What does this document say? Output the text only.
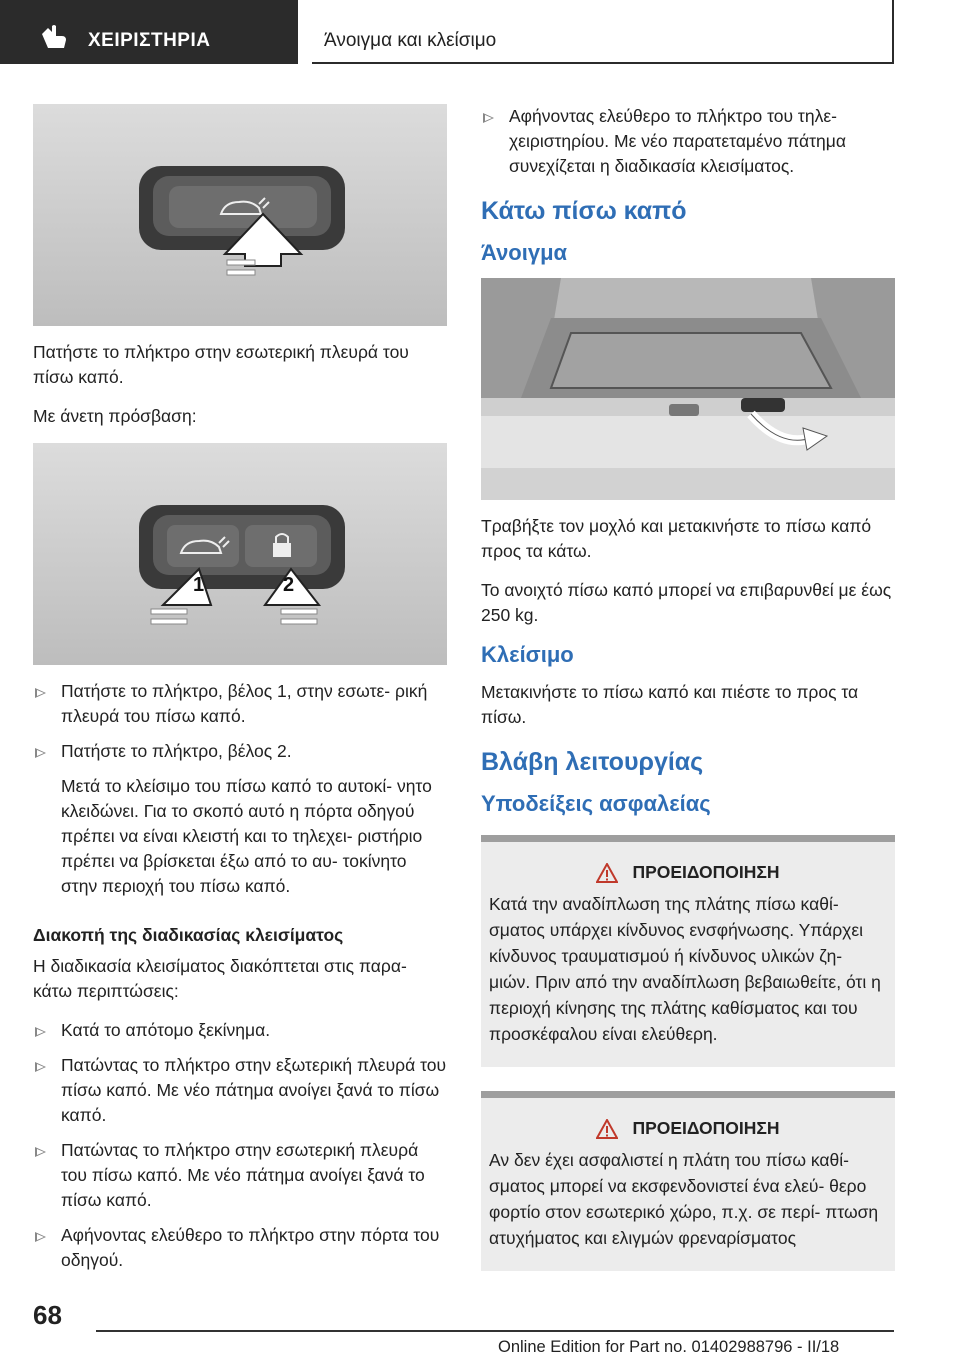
ΧΕΙΡΙΣΤΗΡΙΑ	Άνοιγμα και κλείσιμο

Πατήστε το πλήκτρο στην εσωτερική πλευρά του πίσω καπό.

Με άνετη πρόσβαση:

1	2
Πατήστε το πλήκτρο, βέλος 1, στην εσωτε- ρική πλευρά του πίσω καπό.
Πατήστε το πλήκτρο, βέλος 2.
Μετά το κλείσιμο του πίσω καπό το αυτοκί- νητο κλειδώνει. Για το σκοπό αυτό η πόρτα οδηγού πρέπει να είναι κλειστή και το τηλεχει- ριστήριο πρέπει να βρίσκεται έξω από το αυ- τοκίνητο στην περιοχή του πίσω καπό.
Διακοπή της διαδικασίας κλεισίματος

Η διαδικασία κλεισίματος διακόπτεται στις παρα- κάτω περιπτώσεις:

Κατά το απότομο ξεκίνημα.
Πατώντας το πλήκτρο στην εξωτερική πλευρά του πίσω καπό. Με νέο πάτημα ανοίγει ξανά το πίσω καπό.
Πατώντας το πλήκτρο στην εσωτερική πλευρά του πίσω καπό. Με νέο πάτημα ανοίγει ξανά το πίσω καπό.
Αφήνοντας ελεύθερο το πλήκτρο στην πόρτα του οδηγού.
Αφήνοντας ελεύθερο το πλήκτρο του τηλε- χειριστηρίου. Με νέο παρατεταμένο πάτημα συνεχίζεται η διαδικασία κλεισίματος.
Κάτω πίσω καπό
Άνοιγμα

Τραβήξτε τον μοχλό και μετακινήστε το πίσω καπό προς τα κάτω.

Το ανοιχτό πίσω καπό μπορεί να επιβαρυνθεί με έως 250 kg.

Κλείσιμο

Μετακινήστε το πίσω καπό και πιέστε το προς τα πίσω.

Βλάβη λειτουργίας
Υποδείξεις ασφαλείας
ΠΡΟΕΙΔΟΠΟΙΗΣΗ
Κατά την αναδίπλωση της πλάτης πίσω καθί- σματος υπάρχει κίνδυνος ενσφήνωσης. Υπάρχει κίνδυνος τραυματισμού ή κίνδυνος υλικών ζη- μιών. Πριν από την αναδίπλωση βεβαιωθείτε, ότι η περιοχή κίνησης της πλάτης καθίσματος και του προσκέφαλου είναι ελεύθερη.
ΠΡΟΕΙΔΟΠΟΙΗΣΗ
Αν δεν έχει ασφαλιστεί η πλάτη του πίσω καθί- σματος μπορεί να εκσφενδονιστεί ένα ελεύ- θερο φορτίο στον εσωτερικό χώρο, π.χ. σε περί- πτωση ατυχήματος και ελιγμών φρεναρίσματος
68
Online Edition for Part no. 01402988796 - II/18
